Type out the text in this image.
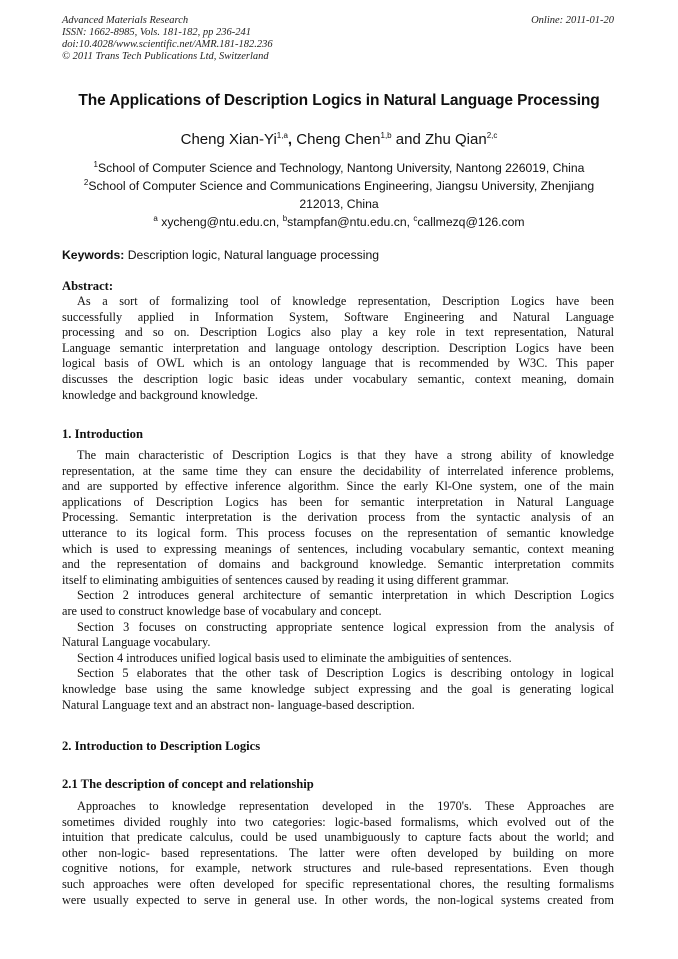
Advanced Materials Research
ISSN: 1662-8985, Vols. 181-182, pp 236-241
doi:10.4028/www.scientific.net/AMR.181-182.236
© 2011 Trans Tech Publications Ltd, Switzerland
Online: 2011-01-20
The Applications of Description Logics in Natural Language Processing
Cheng Xian-Yi$^{1,a}$, Cheng Chen$^{1,b}$ and Zhu Qian$^{2,c}$
$^1$School of Computer Science and Technology, Nantong University, Nantong 226019, China
$^2$School of Computer Science and Communications Engineering, Jiangsu University, Zhenjiang
212013, China
$^a$ xycheng@ntu.edu.cn, $^b$stampfan@ntu.edu.cn, $^c$callmezq@126.com
Keywords: Description logic, Natural language processing
Abstract:
As a sort of formalizing tool of knowledge representation, Description Logics have been
successfully applied in Information System, Software Engineering and Natural Language
processing and so on. Description Logics also play a key role in text representation, Natural
Language semantic interpretation and language ontology description. Description Logics have been
logical basis of OWL which is an ontology language that is recommended by W3C. This paper
discusses the description logic basic ideas under vocabulary semantic, context meaning, domain
knowledge and background knowledge.
1. Introduction
The main characteristic of Description Logics is that they have a strong ability of knowledge
representation, at the same time they can ensure the decidability of interrelated inference problems,
and are supported by effective inference algorithm. Since the early Kl-One system, one of the main
applications of Description Logics has been for semantic interpretation in Natural Language
Processing. Semantic interpretation is the derivation process from the syntactic analysis of an
utterance to its logical form. This process focuses on the representation of semantic knowledge
which is used to expressing meanings of sentences, including vocabulary semantic, context meaning
and the representation of domains and background knowledge. Semantic interpretation commits
itself to eliminating ambiguities of sentences caused by reading it using different grammar.
Section 2 introduces general architecture of semantic interpretation in which Description Logics
are used to construct knowledge base of vocabulary and concept.
Section 3 focuses on constructing appropriate sentence logical expression from the analysis of
Natural Language vocabulary.
Section 4 introduces unified logical basis used to eliminate the ambiguities of sentences.
Section 5 elaborates that the other task of Description Logics is describing ontology in logical
knowledge base using the same knowledge subject expressing and the goal is generating logical
Natural Language text and an abstract non- language-based description.
2. Introduction to Description Logics
2.1 The description of concept and relationship
Approaches to knowledge representation developed in the 1970's. These Approaches are
sometimes divided roughly into two categories: logic-based formalisms, which evolved out of the
intuition that predicate calculus, could be used unambiguously to capture facts about the world; and
other non-logic- based representations. The latter were often developed by building on more
cognitive notions, for example, network structures and rule-based representations. Even though
such approaches were often developed for specific representational chores, the resulting formalisms
were usually expected to serve in general use. In other words, the non-logical systems created from
